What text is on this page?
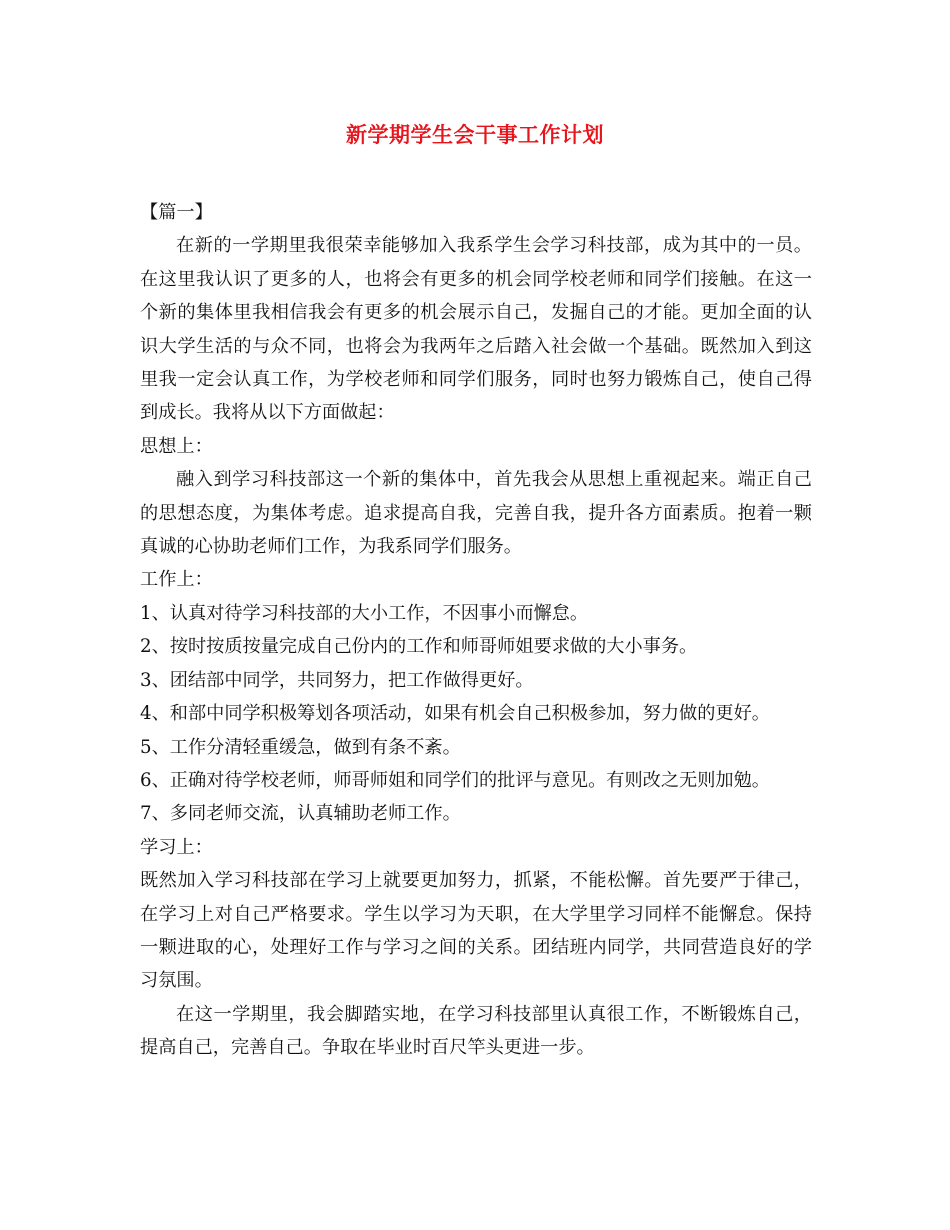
新学期学生会干事工作计划

【篇一】

在新的一学期里我很荣幸能够加入我系学生会学习科技部，成为其中的一员。在这里我认识了更多的人，也将会有更多的机会同学校老师和同学们接触。在这一个新的集体里我相信我会有更多的机会展示自己，发掘自己的才能。更加全面的认识大学生活的与众不同，也将会为我两年之后踏入社会做一个基础。既然加入到这里我一定会认真工作，为学校老师和同学们服务，同时也努力锻炼自己，使自己得到成长。我将从以下方面做起：

思想上：

融入到学习科技部这一个新的集体中，首先我会从思想上重视起来。端正自己的思想态度，为集体考虑。追求提高自我，完善自我，提升各方面素质。抱着一颗真诚的心协助老师们工作，为我系同学们服务。

工作上：

1、认真对待学习科技部的大小工作，不因事小而懈怠。

2、按时按质按量完成自己份内的工作和师哥师姐要求做的大小事务。

3、团结部中同学，共同努力，把工作做得更好。

4、和部中同学积极筹划各项活动，如果有机会自己积极参加，努力做的更好。

5、工作分清轻重缓急，做到有条不紊。

6、正确对待学校老师，师哥师姐和同学们的批评与意见。有则改之无则加勉。

7、多同老师交流，认真辅助老师工作。

学习上：

既然加入学习科技部在学习上就要更加努力，抓紧，不能松懈。首先要严于律己，在学习上对自己严格要求。学生以学习为天职，在大学里学习同样不能懈怠。保持一颗进取的心，处理好工作与学习之间的关系。团结班内同学，共同营造良好的学习氛围。

在这一学期里，我会脚踏实地，在学习科技部里认真很工作，不断锻炼自己，提高自己，完善自己。争取在毕业时百尺竿头更进一步。
